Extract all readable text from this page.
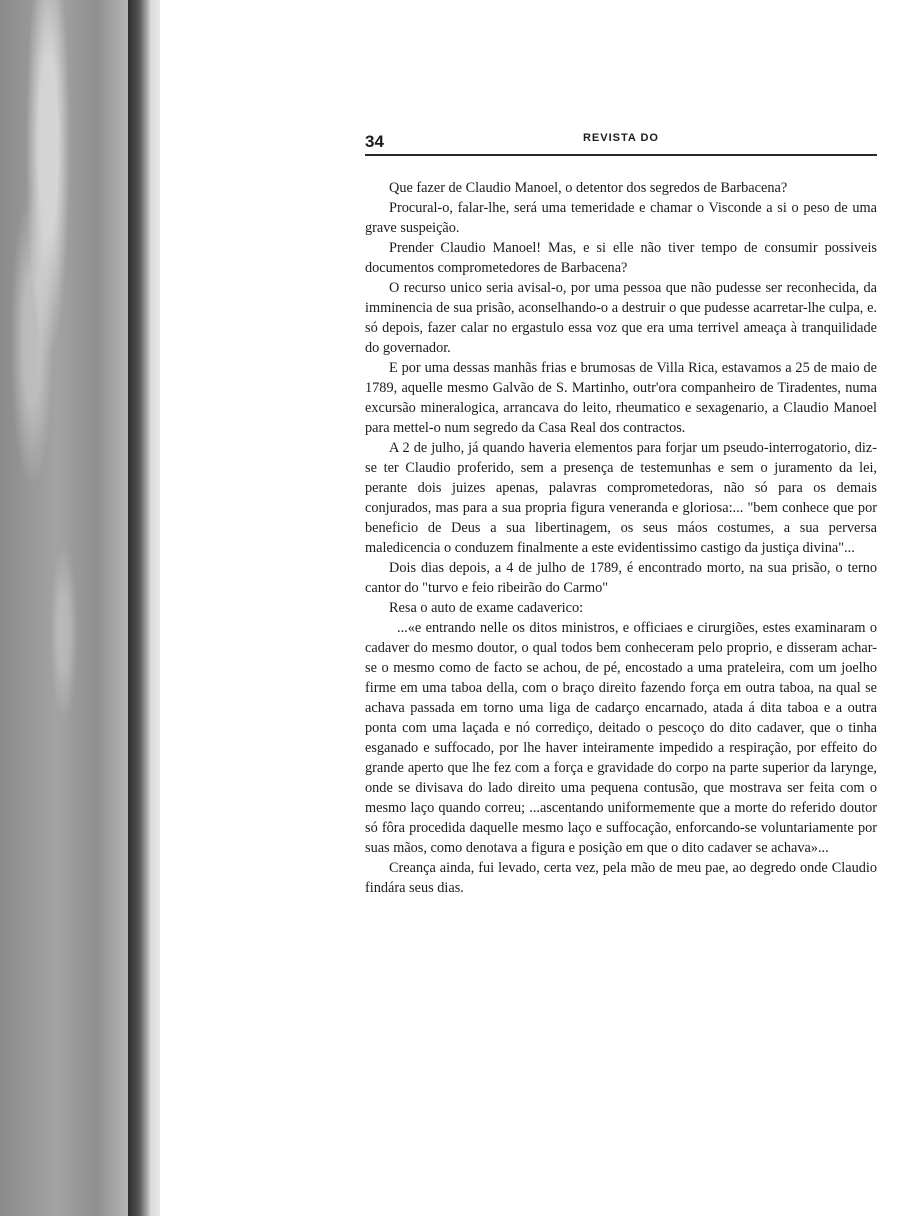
34	REVISTA DO

Que fazer de Claudio Manoel, o detentor dos segredos de Barbacena?

Procural-o, falar-lhe, será uma temeridade e chamar o Visconde a si o peso de uma grave suspeição.

Prender Claudio Manoel! Mas, e si elle não tiver tempo de consumir possiveis documentos comprometedores de Barbacena?

O recurso unico seria avisal-o, por uma pessoa que não pudesse ser reconhecida, da imminencia de sua prisão, aconselhando-o a destruir o que pudesse acarretar-lhe culpa, e. só depois, fazer calar no ergastulo essa voz que era uma terrivel ameaça à tranquilidade do governador.

E por uma dessas manhãs frias e brumosas de Villa Rica, estavamos a 25 de maio de 1789, aquelle mesmo Galvão de S. Martinho, outr'ora companheiro de Tiradentes, numa excursão mineralogica, arrancava do leito, rheumatico e sexagenario, a Claudio Manoel para mettel-o num segredo da Casa Real dos contractos.

A 2 de julho, já quando haveria elementos para forjar um pseudo-interrogatorio, diz-se ter Claudio proferido, sem a presença de testemunhas e sem o juramento da lei, perante dois juizes apenas, palavras comprometedoras, não só para os demais conjurados, mas para a sua propria figura veneranda e gloriosa:... "bem conhece que por beneficio de Deus a sua libertinagem, os seus máos costumes, a sua perversa maledicencia o conduzem finalmente a este evidentissimo castigo da justiça divina"...

Dois dias depois, a 4 de julho de 1789, é encontrado morto, na sua prisão, o terno cantor do "turvo e feio ribeirão do Carmo"

Resa o auto de exame cadaverico:

...«e entrando nelle os ditos ministros, e officiaes e cirurgiões, estes examinaram o cadaver do mesmo doutor, o qual todos bem conheceram pelo proprio, e disseram achar-se o mesmo como de facto se achou, de pé, encostado a uma prateleira, com um joelho firme em uma taboa della, com o braço direito fazendo força em outra taboa, na qual se achava passada em torno uma liga de cadarço encarnado, atada á dita taboa e a outra ponta com uma laçada e nó corrediço, deitado o pescoço do dito cadaver, que o tinha esganado e suffocado, por lhe haver inteiramente impedido a respiração, por effeito do grande aperto que lhe fez com a força e gravidade do corpo na parte superior da larynge, onde se divisava do lado direito uma pequena contusão, que mostrava ser feita com o mesmo laço quando correu; ...ascentando uniformemente que a morte do referido doutor só fôra procedida daquelle mesmo laço e suffocação, enforcando-se voluntariamente por suas mãos, como denotava a figura e posição em que o dito cadaver se achava»...

Creança ainda, fui levado, certa vez, pela mão de meu pae, ao degredo onde Claudio findára seus dias.
